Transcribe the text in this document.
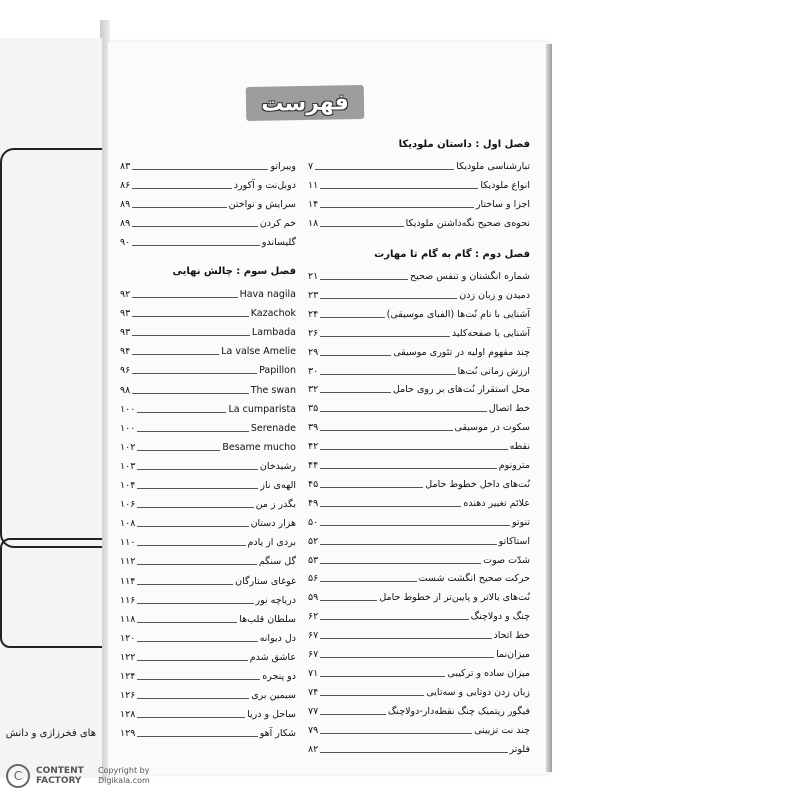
های فخرزازی و دانش
فهرست
فصل اول : داستان ملودیکا
تبارشناسی ملودیکا
۷
انواع ملودیکا
۱۱
اجزا و ساختار
۱۴
نحوه‌ی صحیح نگه‌داشتن ملودیکا
۱۸
فصل دوم : گام به گام تا مهارت
شماره انگشتان و تنفس صحیح
۲۱
دمیدن و زبان زدن
۲۳
آشنایی با نام نُت‌ها (الفبای موسیقی)
۲۴
آشنایی با صفحه‌کلید
۲۶
چند مفهوم اولیه در تئوری موسیقی
۲۹
ارزش زمانی نُت‌ها
۳۰
محل استقرار نُت‌های بر روی حامل
۳۲
خط اتصال
۳۵
سکوت در موسیقی
۳۹
نقطه
۴۲
مترونوم
۴۴
نُت‌های داخل خطوط حامل
۴۵
علائم تغییر دهنده
۴۹
تنوتو
۵۰
استاکاتو
۵۲
شدّت صوت
۵۳
حرکت صحیح انگشت شست
۵۶
نُت‌های بالاتر و پایین‌تر از خطوط حامل
۵۹
چنگ و دولاچنگ
۶۲
خط اتحاد
۶۷
میزان‌نما
۶۷
میزان ساده و ترکیبی
۷۱
زبان زدن دوتایی و سه‌تایی
۷۴
فیگور ریتمیک چنگ نقطه‌دار-دولاچنگ
۷۷
چند نت تزیینی
۷۹
فلوتر
۸۲
ویبراتو
۸۳
دوبل‌نت و آکورد
۸۶
سرایش و نواختن
۸۹
خم کردن
۸۹
گلیساندو
۹۰
فصل سوم : چالش نهایی
Hava nagila
۹۲
Kazachok
۹۳
Lambada
۹۳
La valse Amelie
۹۴
Papillon
۹۶
The swan
۹۸
La cumparista
۱۰۰
Serenade
۱۰۰
Besame mucho
۱۰۲
رشیدخان
۱۰۳
الهه‌ی ناز
۱۰۴
بگذر ز من
۱۰۶
هزار دستان
۱۰۸
بردی از یادم
۱۱۰
گل سنگم
۱۱۲
غوغای ستارگان
۱۱۴
دریاچه نور
۱۱۶
سلطان قلب‌ها
۱۱۸
دل دیوانه
۱۲۰
عاشق شدم
۱۲۲
دو پنجره
۱۲۴
سیمین بری
۱۲۶
ساحل و دریا
۱۲۸
شکار آهو
۱۲۹
C	CONTENT
FACTORY
Copyright by
Digikala.com
